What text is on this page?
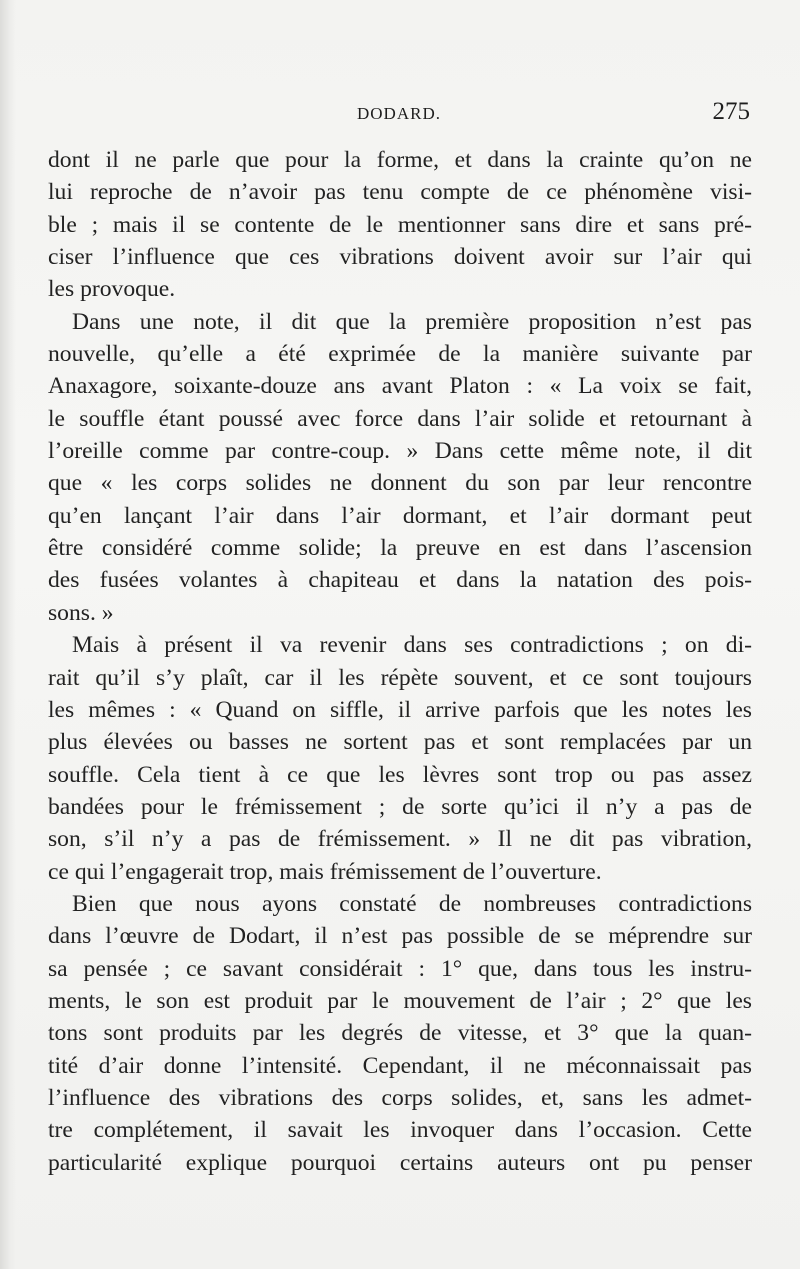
DODARD.	275
dont il ne parle que pour la forme, et dans la crainte qu’on ne
lui reproche de n’avoir pas tenu compte de ce phénomène visi-
ble ; mais il se contente de le mentionner sans dire et sans pré-
ciser l’influence que ces vibrations doivent avoir sur l’air qui
les provoque.
Dans une note, il dit que la première proposition n’est pas
nouvelle, qu’elle a été exprimée de la manière suivante par
Anaxagore, soixante-douze ans avant Platon : « La voix se fait,
le souffle étant poussé avec force dans l’air solide et retournant à
l’oreille comme par contre-coup. » Dans cette même note, il dit
que « les corps solides ne donnent du son par leur rencontre
qu’en lançant l’air dans l’air dormant, et l’air dormant peut
être considéré comme solide; la preuve en est dans l’ascension
des fusées volantes à chapiteau et dans la natation des pois-
sons. »
Mais à présent il va revenir dans ses contradictions ; on di-
rait qu’il s’y plaît, car il les répète souvent, et ce sont toujours
les mêmes : « Quand on siffle, il arrive parfois que les notes les
plus élevées ou basses ne sortent pas et sont remplacées par un
souffle. Cela tient à ce que les lèvres sont trop ou pas assez
bandées pour le frémissement ; de sorte qu’ici il n’y a pas de
son, s’il n’y a pas de frémissement. » Il ne dit pas vibration,
ce qui l’engagerait trop, mais frémissement de l’ouverture.
Bien que nous ayons constaté de nombreuses contradictions
dans l’œuvre de Dodart, il n’est pas possible de se méprendre sur
sa pensée ; ce savant considérait : 1° que, dans tous les instru-
ments, le son est produit par le mouvement de l’air ; 2° que les
tons sont produits par les degrés de vitesse, et 3° que la quan-
tité d’air donne l’intensité. Cependant, il ne méconnaissait pas
l’influence des vibrations des corps solides, et, sans les admet-
tre complétement, il savait les invoquer dans l’occasion. Cette
particularité explique pourquoi certains auteurs ont pu penser
